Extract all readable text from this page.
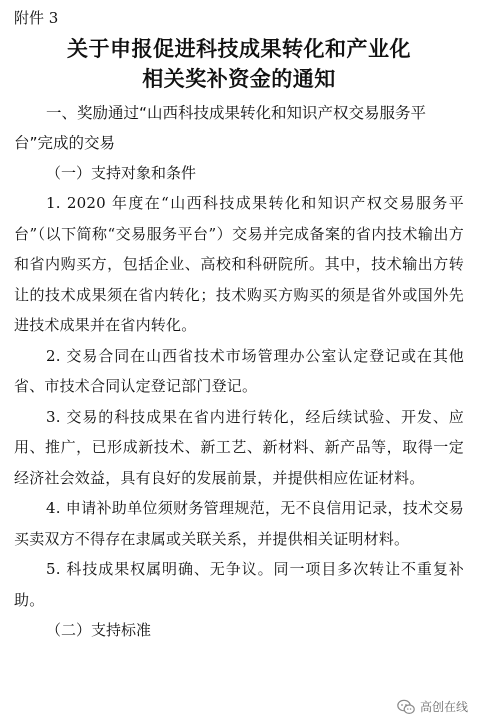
附件 3

关于申报促进科技成果转化和产业化
相关奖补资金的通知

一、奖励通过“山西科技成果转化和知识产权交易服务平台”完成的交易

（一）支持对象和条件

1. 2020 年度在“山西科技成果转化和知识产权交易服务平台”（以下简称“交易服务平台”）交易并完成备案的省内技术输出方和省内购买方，包括企业、高校和科研院所。其中，技术输出方转让的技术成果须在省内转化；技术购买方购买的须是省外或国外先进技术成果并在省内转化。

2. 交易合同在山西省技术市场管理办公室认定登记或在其他省、市技术合同认定登记部门登记。

3. 交易的科技成果在省内进行转化，经后续试验、开发、应用、推广，已形成新技术、新工艺、新材料、新产品等，取得一定经济社会效益，具有良好的发展前景，并提供相应佐证材料。

4. 申请补助单位须财务管理规范，无不良信用记录，技术交易买卖双方不得存在隶属或关联关系，并提供相关证明材料。

5. 科技成果权属明确、无争议。同一项目多次转让不重复补助。

（二）支持标准

高创在线
